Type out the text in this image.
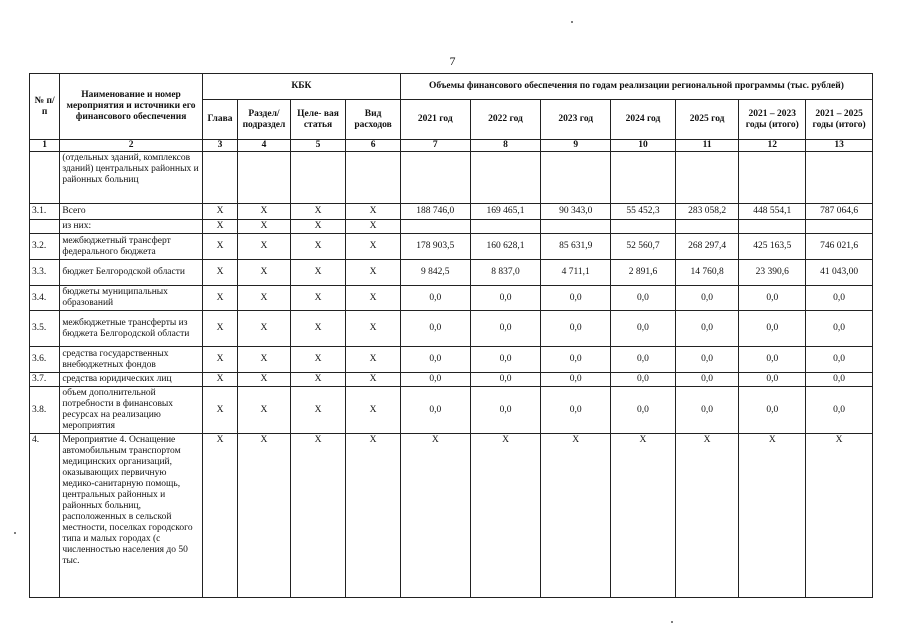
7
№ п/п	Наименование и номер мероприятия и источники его финансового обеспечения	КБК				Объемы финансового обеспечения по годам реализации региональной программы (тыс. рублей)						
		Глава	Раздел/ подраздел	Целе- вая статья	Вид расходов	2021 год	2022 год	2023 год	2024 год	2025 год	2021 – 2023 годы (итого)	2021 – 2025 годы (итого)
1	2	3	4	5	6	7	8	9	10	11	12	13
	(отдельных зданий, комплексов зданий) центральных районных и районных больниц											
3.1.	Всего	X	X	X	X	188 746,0	169 465,1	90 343,0	55 452,3	283 058,2	448 554,1	787 064,6
	из них:	X	X	X	X							
3.2.	межбюджетный трансферт федерального бюджета	X	X	X	X	178 903,5	160 628,1	85 631,9	52 560,7	268 297,4	425 163,5	746 021,6
3.3.	бюджет Белгородской области	X	X	X	X	9 842,5	8 837,0	4 711,1	2 891,6	14 760,8	23 390,6	41 043,00
3.4.	бюджеты муниципальных образований	X	X	X	X	0,0	0,0	0,0	0,0	0,0	0,0	0,0
3.5.	межбюджетные трансферты из бюджета Белгородской области	X	X	X	X	0,0	0,0	0,0	0,0	0,0	0,0	0,0
3.6.	средства государственных внебюджетных фондов	X	X	X	X	0,0	0,0	0,0	0,0	0,0	0,0	0,0
3.7.	средства юридических лиц	X	X	X	X	0,0	0,0	0,0	0,0	0,0	0,0	0,0
3.8.	объем дополнительной потребности в финансовых ресурсах на реализацию мероприятия	X	X	X	X	0,0	0,0	0,0	0,0	0,0	0,0	0,0
4.	Мероприятие 4. Оснащение автомобильным транспортом медицинских организаций, оказывающих первичную медико-санитарную помощь, центральных районных и районных больниц, расположенных в сельской местности, поселках городского типа и малых городах (с численностью населения до 50 тыс.	X	X	X	X	X	X	X	X	X	X	X
